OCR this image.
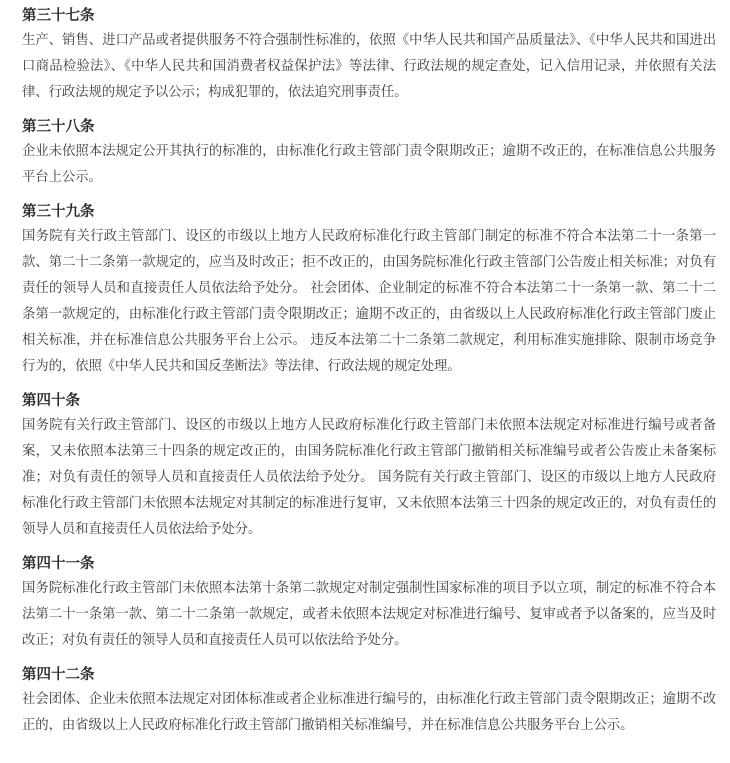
第三十七条

生产、销售、进口产品或者提供服务不符合强制性标准的，依照《中华人民共和国产品质量法》、《中华人民共和国进出口商品检验法》、《中华人民共和国消费者权益保护法》等法律、行政法规的规定查处，记入信用记录，并依照有关法律、行政法规的规定予以公示；构成犯罪的，依法追究刑事责任。

第三十八条

企业未依照本法规定公开其执行的标准的，由标准化行政主管部门责令限期改正；逾期不改正的，在标准信息公共服务平台上公示。

第三十九条

国务院有关行政主管部门、设区的市级以上地方人民政府标准化行政主管部门制定的标准不符合本法第二十一条第一款、第二十二条第一款规定的，应当及时改正；拒不改正的，由国务院标准化行政主管部门公告废止相关标准；对负有责任的领导人员和直接责任人员依法给予处分。 社会团体、企业制定的标准不符合本法第二十一条第一款、第二十二条第一款规定的，由标准化行政主管部门责令限期改正；逾期不改正的，由省级以上人民政府标准化行政主管部门废止相关标准，并在标准信息公共服务平台上公示。 违反本法第二十二条第二款规定，利用标准实施排除、限制市场竞争行为的，依照《中华人民共和国反垄断法》等法律、行政法规的规定处理。

第四十条

国务院有关行政主管部门、设区的市级以上地方人民政府标准化行政主管部门未依照本法规定对标准进行编号或者备案，又未依照本法第三十四条的规定改正的，由国务院标准化行政主管部门撤销相关标准编号或者公告废止未备案标准；对负有责任的领导人员和直接责任人员依法给予处分。 国务院有关行政主管部门、设区的市级以上地方人民政府标准化行政主管部门未依照本法规定对其制定的标准进行复审，又未依照本法第三十四条的规定改正的，对负有责任的领导人员和直接责任人员依法给予处分。

第四十一条

国务院标准化行政主管部门未依照本法第十条第二款规定对制定强制性国家标准的项目予以立项，制定的标准不符合本法第二十一条第一款、第二十二条第一款规定，或者未依照本法规定对标准进行编号、复审或者予以备案的，应当及时改正；对负有责任的领导人员和直接责任人员可以依法给予处分。

第四十二条

社会团体、企业未依照本法规定对团体标准或者企业标准进行编号的，由标准化行政主管部门责令限期改正；逾期不改正的，由省级以上人民政府标准化行政主管部门撤销相关标准编号，并在标准信息公共服务平台上公示。
